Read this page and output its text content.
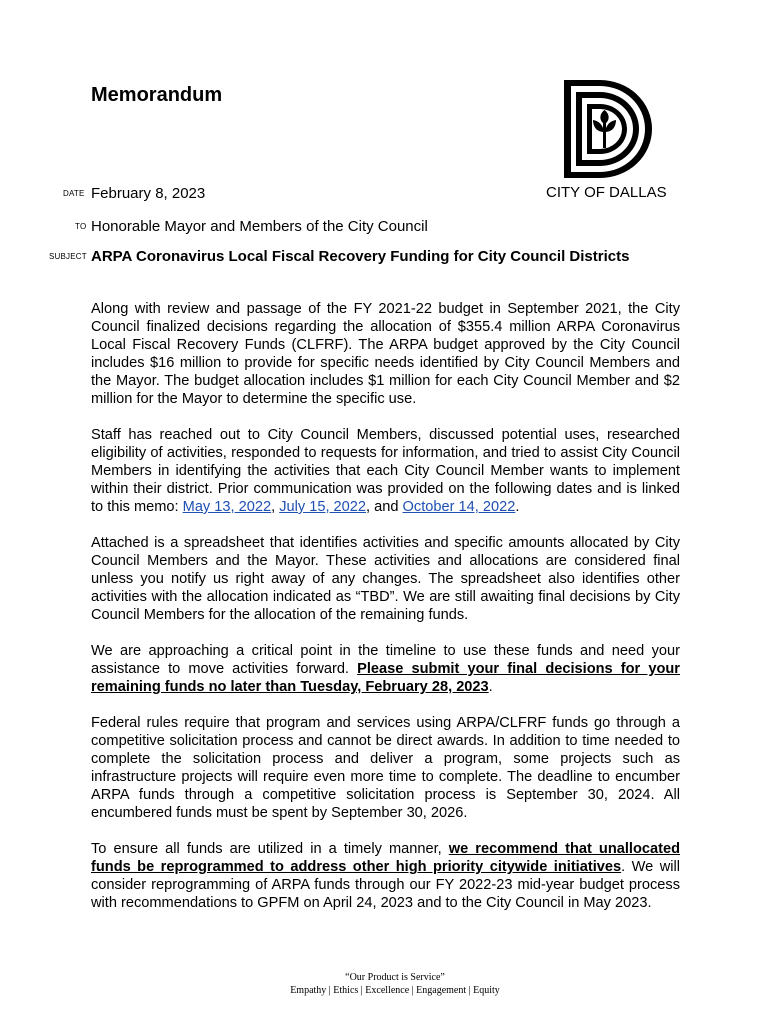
Memorandum
CITY OF DALLAS
DATE February 8, 2023
TO Honorable Mayor and Members of the City Council
SUBJECT ARPA Coronavirus Local Fiscal Recovery Funding for City Council Districts

Along with review and passage of the FY 2021-22 budget in September 2021, the City Council finalized decisions regarding the allocation of $355.4 million ARPA Coronavirus Local Fiscal Recovery Funds (CLFRF). The ARPA budget approved by the City Council includes $16 million to provide for specific needs identified by City Council Members and the Mayor. The budget allocation includes $1 million for each City Council Member and $2 million for the Mayor to determine the specific use.

Staff has reached out to City Council Members, discussed potential uses, researched eligibility of activities, responded to requests for information, and tried to assist City Council Members in identifying the activities that each City Council Member wants to implement within their district. Prior communication was provided on the following dates and is linked to this memo: May 13, 2022, July 15, 2022, and October 14, 2022.

Attached is a spreadsheet that identifies activities and specific amounts allocated by City Council Members and the Mayor. These activities and allocations are considered final unless you notify us right away of any changes. The spreadsheet also identifies other activities with the allocation indicated as “TBD”. We are still awaiting final decisions by City Council Members for the allocation of the remaining funds.

We are approaching a critical point in the timeline to use these funds and need your assistance to move activities forward. Please submit your final decisions for your remaining funds no later than Tuesday, February 28, 2023.

Federal rules require that program and services using ARPA/CLFRF funds go through a competitive solicitation process and cannot be direct awards. In addition to time needed to complete the solicitation process and deliver a program, some projects such as infrastructure projects will require even more time to complete. The deadline to encumber ARPA funds through a competitive solicitation process is September 30, 2024. All encumbered funds must be spent by September 30, 2026.

To ensure all funds are utilized in a timely manner, we recommend that unallocated funds be reprogrammed to address other high priority citywide initiatives. We will consider reprogramming of ARPA funds through our FY 2022-23 mid-year budget process with recommendations to GPFM on April 24, 2023 and to the City Council in May 2023.

“Our Product is Service”
Empathy | Ethics | Excellence | Engagement | Equity
